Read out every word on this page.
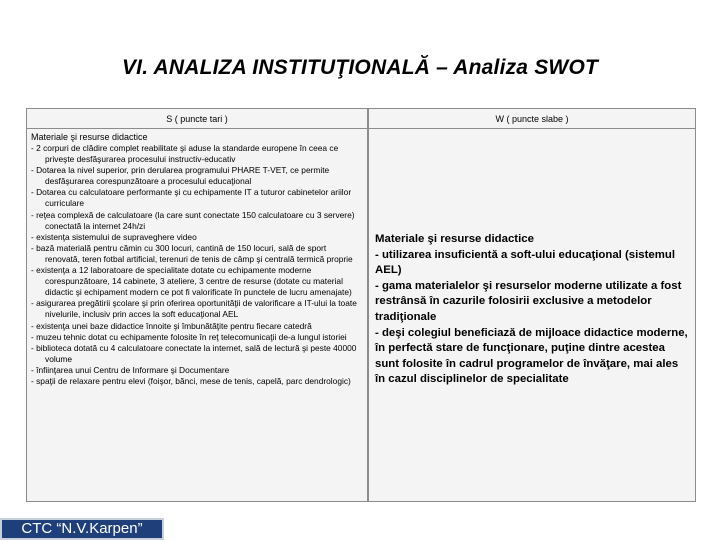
VI. ANALIZA INSTITUŢIONALĂ – Analiza SWOT
S ( puncte tari )	W ( puncte slabe )
Materiale şi resurse didactice
- 2 corpuri de clădire complet reabilitate şi aduse la standarde europene în ceea ce priveşte desfăşurarea procesului instructiv-educativ
- Dotarea la nivel superior, prin derularea programului PHARE T-VET, ce permite desfăşurarea corespunzătoare a procesului educaţional
- Dotarea cu calculatoare performante şi cu echipamente IT a tuturor cabinetelor ariilor curriculare
- reţea complexă de calculatoare (la care sunt conectate 150 calculatoare cu 3 servere) conectată la internet 24h/zi
- existenţa sistemului de supraveghere video
- bază materială pentru cămin cu 300 locuri, cantină de 150 locuri, sală de sport renovată, teren fotbal artificial, terenuri de tenis de câmp şi centrală termică proprie
- existenţa a 12 laboratoare de specialitate dotate cu echipamente moderne corespunzătoare, 14 cabinete, 3 ateliere, 3 centre de resurse (dotate cu material didactic şi echipament modern ce pot fi valorificate în punctele de lucru amenajate)
- asigurarea pregătirii şcolare şi prin oferirea oportunităţii de valorificare a IT-ului la toate nivelurile, inclusiv prin acces la soft educaţional AEL
- existenţa unei baze didactice înnoite şi îmbunătăţite pentru fiecare catedră
- muzeu tehnic dotat cu echipamente folosite în reţ telecomunicaţii de-a lungul istoriei
- biblioteca dotată cu 4 calculatoare conectate la internet, sală de lectură şi peste 40000 volume
- înfiinţarea unui Centru de Informare şi Documentare
- spaţii de relaxare pentru elevi (foişor, bănci, mese de tenis, capelă, parc dendrologic)
Materiale şi resurse didactice
- utilizarea insuficientă a soft-ului educaţional (sistemul AEL)
- gama materialelor şi resurselor moderne utilizate a fost restrânsă în cazurile folosirii exclusive a metodelor tradiţionale
- deşi colegiul beneficiază de mijloace didactice moderne, în perfectă stare de funcţionare, puţine dintre acestea sunt folosite în cadrul programelor de învăţare, mai ales în cazul disciplinelor de specialitate
CTC “N.V.Karpen”
